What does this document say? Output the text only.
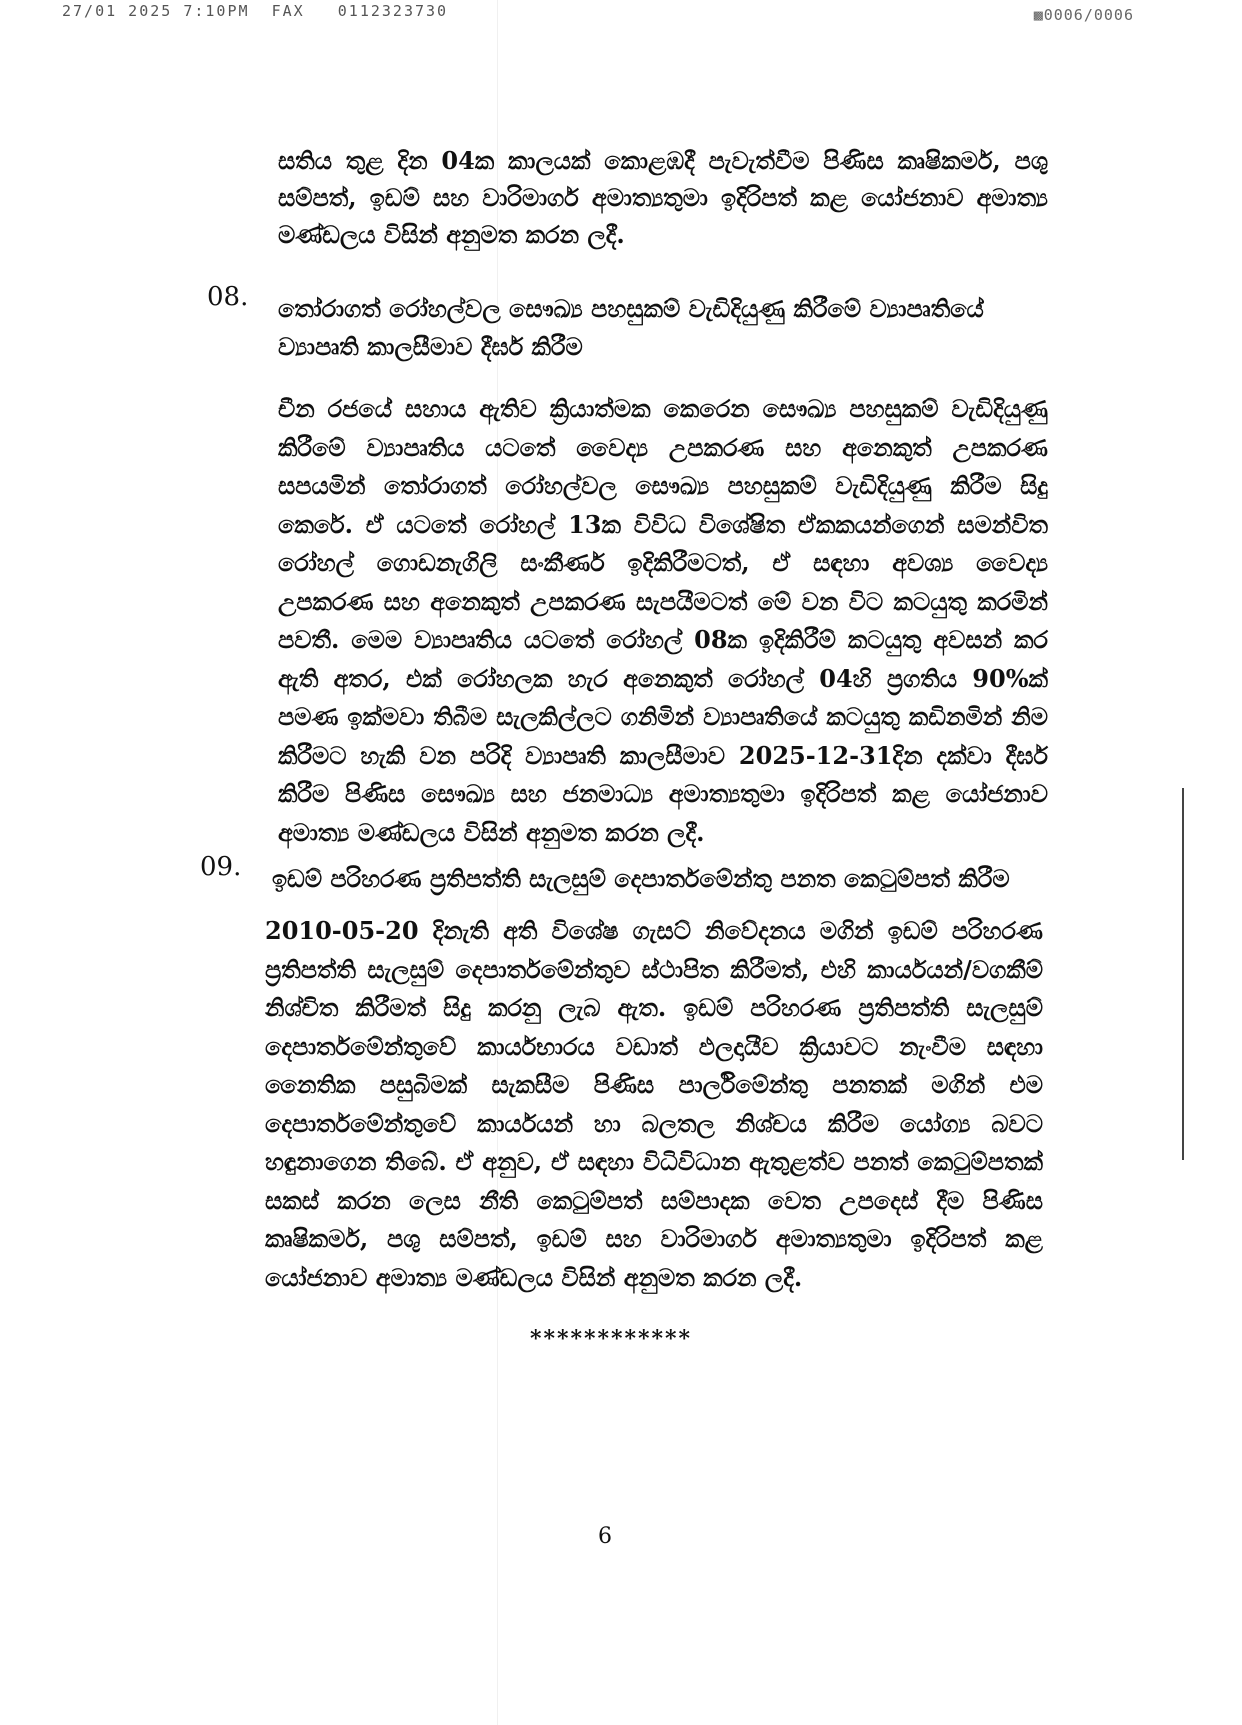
27/01 2025 7:10PM  FAX   0112323730	▩0006/0006
සතිය තුළ දින 04ක කාලයක් කොළඹදී පැවැත්වීම පිණිස කෘෂිකර්ම, පශු සම්පත්, ඉඩම් සහ වාරිමාර්ග අමාත්‍යතුමා ඉදිරිපත් කළ යෝජනාව අමාත්‍ය මණ්ඩලය විසින් අනුමත කරන ලදී.
08. තෝරාගත් රෝහල්වල සෞඛ්‍ය පහසුකම් වැඩිදියුණු කිරීමේ ව්‍යාපෘතියේ ව්‍යාපෘති කාලසීමාව දීර්ඝ කිරීම
චීන රජයේ සහාය ඇතිව ක්‍රියාත්මක කෙරෙන සෞඛ්‍ය පහසුකම් වැඩිදියුණු කිරීමේ ව්‍යාපෘතිය යටතේ වෛද්‍ය උපකරණ සහ අනෙකුත් උපකරණ සපයමින් තෝරාගත් රෝහල්වල සෞඛ්‍ය පහසුකම් වැඩිදියුණු කිරීම සිදු කෙරේ. ඒ යටතේ රෝහල් 13ක විවිධ විශේෂිත ඒකකයන්ගෙන් සමන්විත රෝහල් ගොඩනැගිලි සංකීර්ණ ඉදිකිරීමටත්, ඒ සඳහා අවශ්‍ය වෛද්‍ය උපකරණ සහ අනෙකුත් උපකරණ සැපයීමටත් මේ වන විට කටයුතු කරමින් පවතී. මෙම ව්‍යාපෘතිය යටතේ රෝහල් 08ක ඉදිකිරීම් කටයුතු අවසන් කර ඇති අතර, එක් රෝහලක හැර අනෙකුත් රෝහල් 04හි ප්‍රගතිය 90%ක් පමණ ඉක්මවා තිබීම සැලකිල්ලට ගනිමින් ව්‍යාපෘතියේ කටයුතු කඩිනමින් නිම කිරීමට හැකි වන පරිදි ව්‍යාපෘති කාලසීමාව 2025-12-31දින දක්වා දීර්ඝ කිරීම පිණිස සෞඛ්‍ය සහ ජනමාධ්‍ය අමාත්‍යතුමා ඉදිරිපත් කළ යෝජනාව අමාත්‍ය මණ්ඩලය විසින් අනුමත කරන ලදී.
09. ඉඩම් පරිහරණ ප්‍රතිපත්ති සැලසුම් දෙපාර්තමේන්තු පනත කෙටුම්පත් කිරීම
2010-05-20 දිනැති අති විශේෂ ගැසට් නිවේදනය මගින් ඉඩම් පරිහරණ ප්‍රතිපත්ති සැලසුම් දෙපාර්තමේන්තුව ස්ථාපිත කිරීමත්, එහි කාර්යයන්/වගකීම් නිශ්චිත කිරීමත් සිදු කරනු ලැබ ඇත. ඉඩම් පරිහරණ ප්‍රතිපත්ති සැලසුම් දෙපාර්තමේන්තුවේ කාර්යභාරය වඩාත් ඵලදායීව ක්‍රියාවට නැංවීම සඳහා නෛතික පසුබිමක් සැකසීම පිණිස පාර්ලිමේන්තු පනතක් මගින් එම දෙපාර්තමේන්තුවේ කාර්යයන් හා බලතල නිශ්චය කිරීම යෝග්‍ය බවට හඳුනාගෙන තිබේ. ඒ අනුව, ඒ සඳහා විධිවිධාන ඇතුළත්ව පනත් කෙටුම්පතක් සකස් කරන ලෙස නීති කෙටුම්පත් සම්පාදක වෙත උපදෙස් දීම පිණිස කෘෂිකර්ම, පශු සම්පත්, ඉඩම් සහ වාරිමාර්ග අමාත්‍යතුමා ඉදිරිපත් කළ යෝජනාව අමාත්‍ය මණ්ඩලය විසින් අනුමත කරන ලදී.
************
6
